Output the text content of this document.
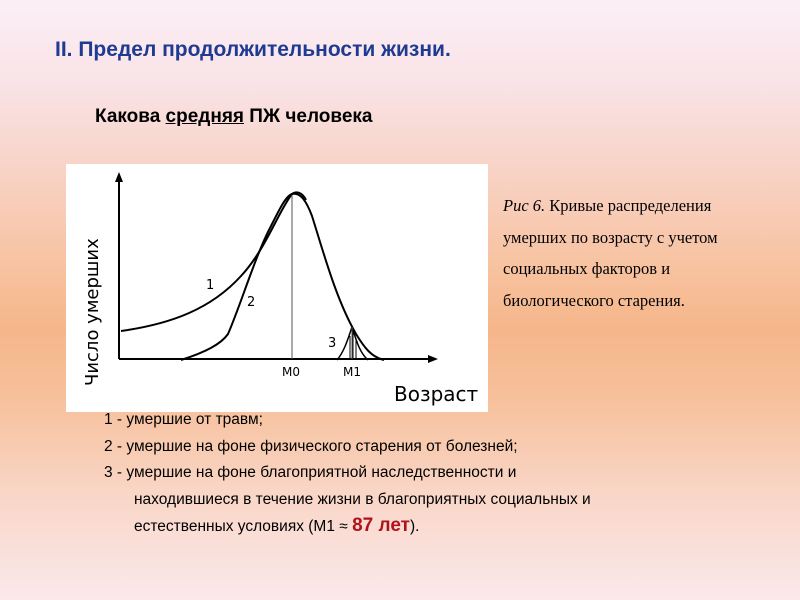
II. Предел продолжительности жизни.

Какова средняя ПЖ человека

1
2
3
M0	M1
Возраст
Число умерших

Рис 6. Кривые распределения умерших по возрасту с учетом социальных факторов и биологического старения.

1 - умершие от травм;
2 - умершие на фоне физического старения от болезней;
3 - умершие на фоне благоприятной наследственности и
находившиеся в течение жизни в благоприятных социальных и
естественных условиях (М1 ≈ 87 лет).
